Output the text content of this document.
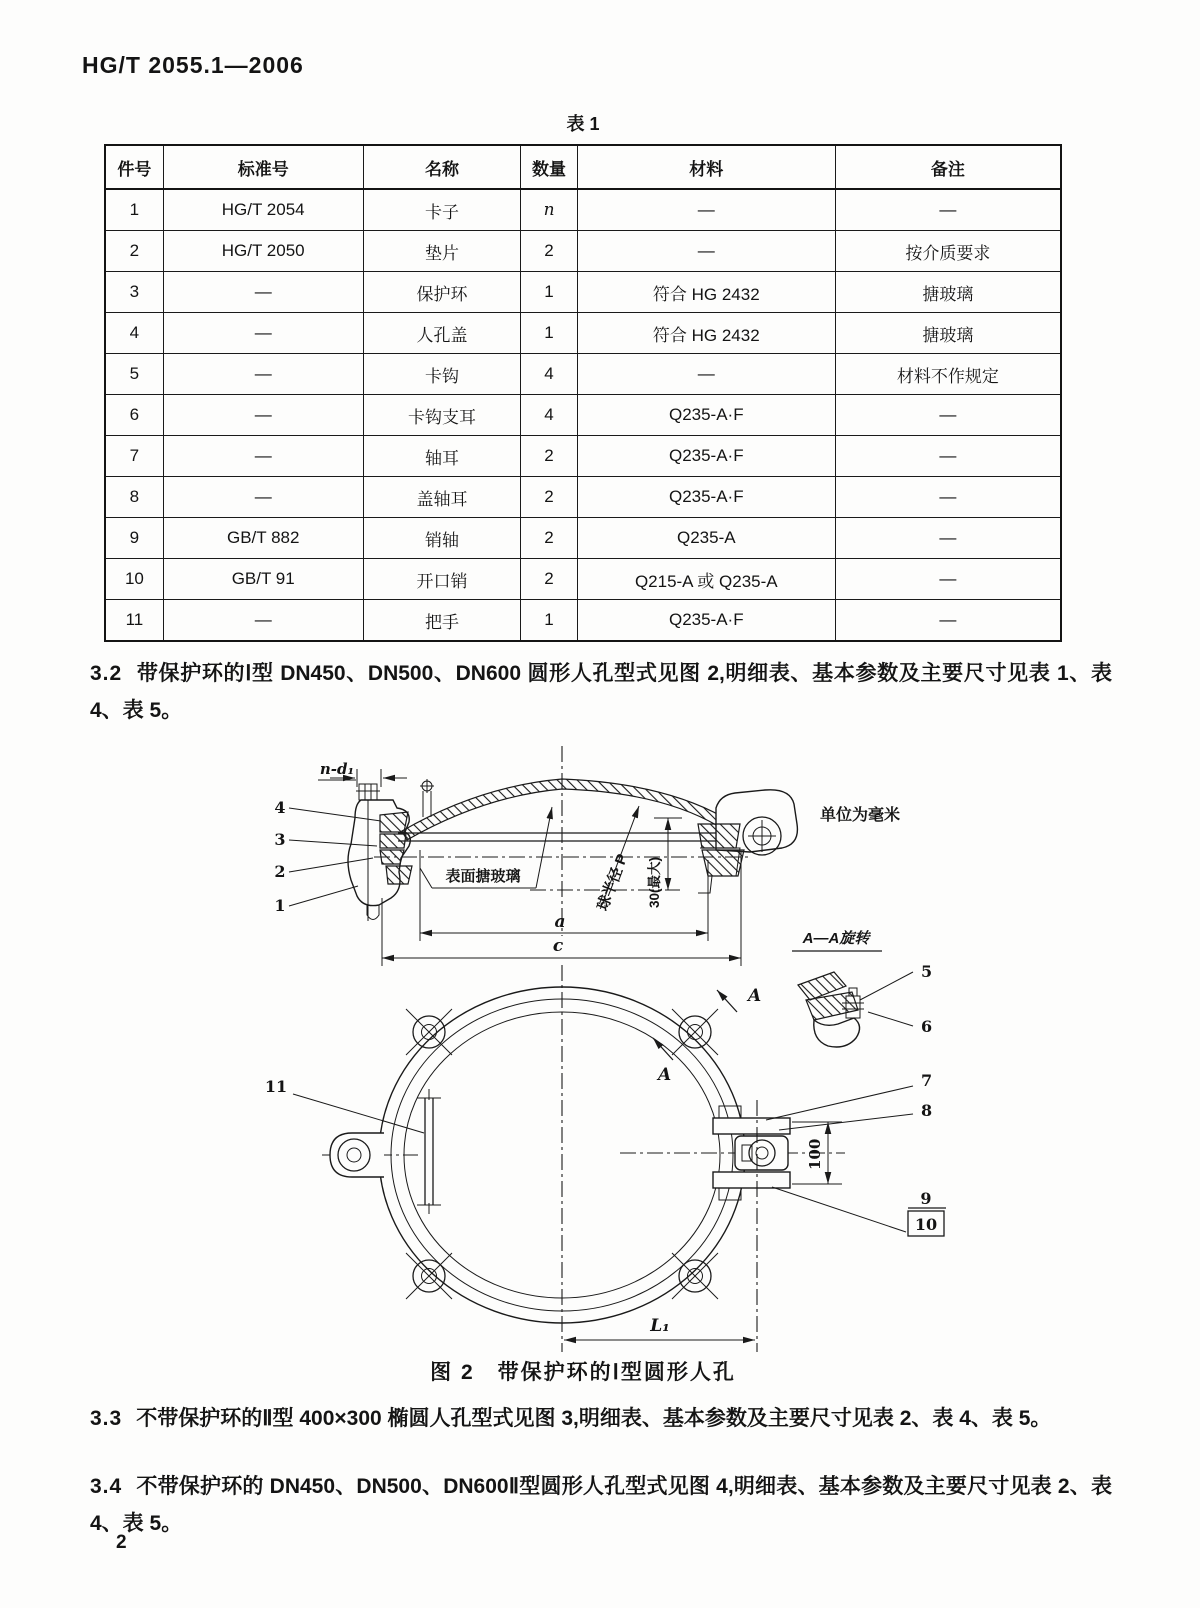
HG/T 2055.1—2006
表 1
件号	标准号	名称	数量	材料	备注
1	HG/T 2054	卡子	n	—	—
2	HG/T 2050	垫片	2	—	按介质要求
3	—	保护环	1	符合 HG 2432	搪玻璃
4	—	人孔盖	1	符合 HG 2432	搪玻璃
5	—	卡钩	4	—	材料不作规定
6	—	卡钩支耳	4	Q235-A·F	—
7	—	轴耳	2	Q235-A·F	—
8	—	盖轴耳	2	Q235-A·F	—
9	GB/T 882	销轴	2	Q235-A	—
10	GB/T 91	开口销	2	Q215-A 或 Q235-A	—
11	—	把手	1	Q235-A·F	—
3.2 带保护环的Ⅰ型 DN450、DN500、DN600 圆形人孔型式见图 2,明细表、基本参数及主要尺寸见表 1、表 4、表 5。
n-d₁
表面搪玻璃	球半径 P 30(最大)
a
c
4
3
2
1
单位为毫米
A—A旋转
5
6
11
A
A
100
7
8
9
10
L₁
图 2　带保护环的Ⅰ型圆形人孔
3.3 不带保护环的Ⅱ型 400×300 椭圆人孔型式见图 3,明细表、基本参数及主要尺寸见表 2、表 4、表 5。
3.4 不带保护环的 DN450、DN500、DN600Ⅱ型圆形人孔型式见图 4,明细表、基本参数及主要尺寸见表 2、表 4、表 5。
2
